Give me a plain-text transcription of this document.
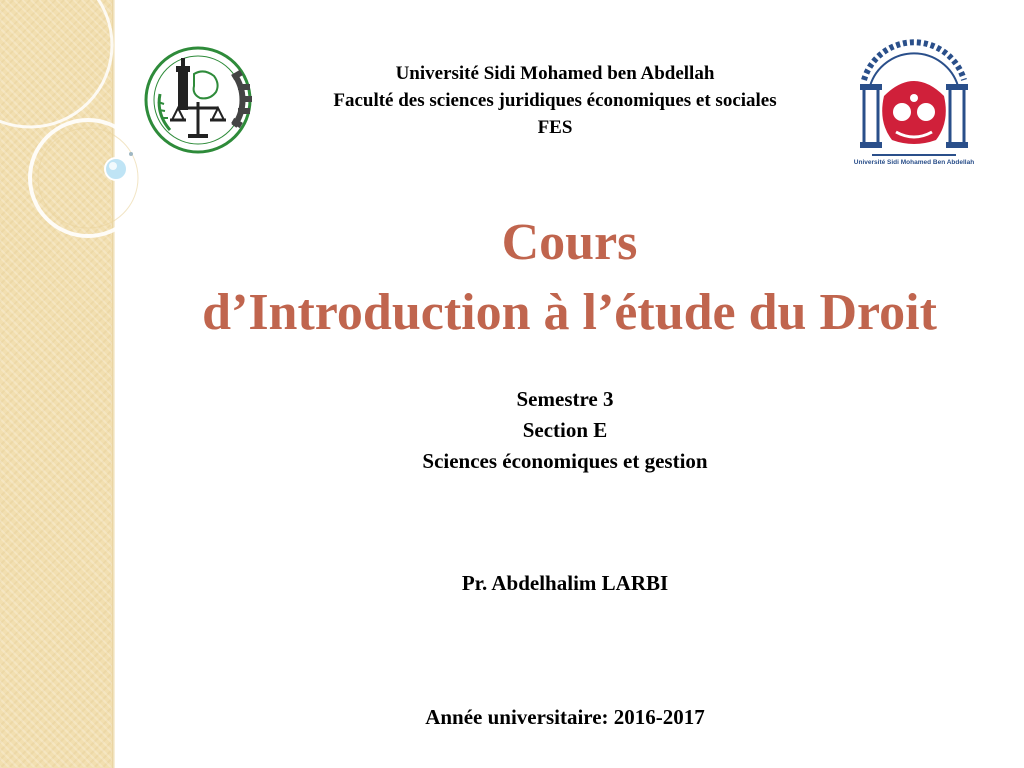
Université Sidi Mohamed Ben Abdellah
Université Sidi Mohamed ben Abdellah
Faculté des sciences juridiques économiques et sociales
FES
Cours
d’Introduction à l’étude du Droit
Semestre 3
Section E
Sciences économiques et gestion
Pr. Abdelhalim LARBI
Année universitaire: 2016-2017
